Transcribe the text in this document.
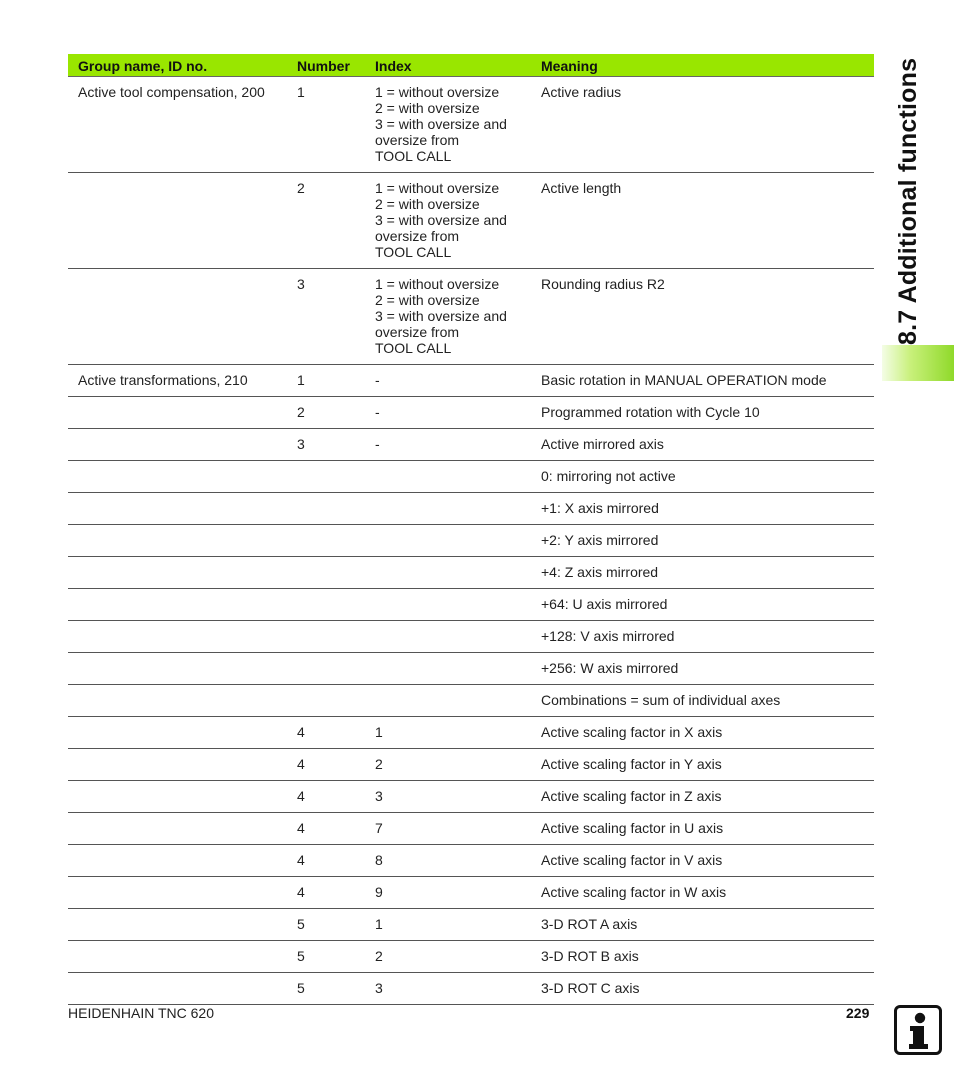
Group name, ID no.	Number	Index	Meaning
Active tool compensation, 200	1	1 = without oversize
2 = with oversize
3 = with oversize and oversize from
TOOL CALL	Active radius
	2	1 = without oversize
2 = with oversize
3 = with oversize and oversize from
TOOL CALL	Active length
	3	1 = without oversize
2 = with oversize
3 = with oversize and oversize from
TOOL CALL	Rounding radius R2
Active transformations, 210	1	-	Basic rotation in MANUAL OPERATION mode
	2	-	Programmed rotation with Cycle 10
	3	-	Active mirrored axis
			0: mirroring not active
			+1: X axis mirrored
			+2: Y axis mirrored
			+4: Z axis mirrored
			+64: U axis mirrored
			+128: V axis mirrored
			+256: W axis mirrored
			Combinations = sum of individual axes
	4	1	Active scaling factor in X axis
	4	2	Active scaling factor in Y axis
	4	3	Active scaling factor in Z axis
	4	7	Active scaling factor in U axis
	4	8	Active scaling factor in V axis
	4	9	Active scaling factor in W axis
	5	1	3-D ROT A axis
	5	2	3-D ROT B axis
	5	3	3-D ROT C axis
8.7 Additional functions
HEIDENHAIN TNC 620	229
